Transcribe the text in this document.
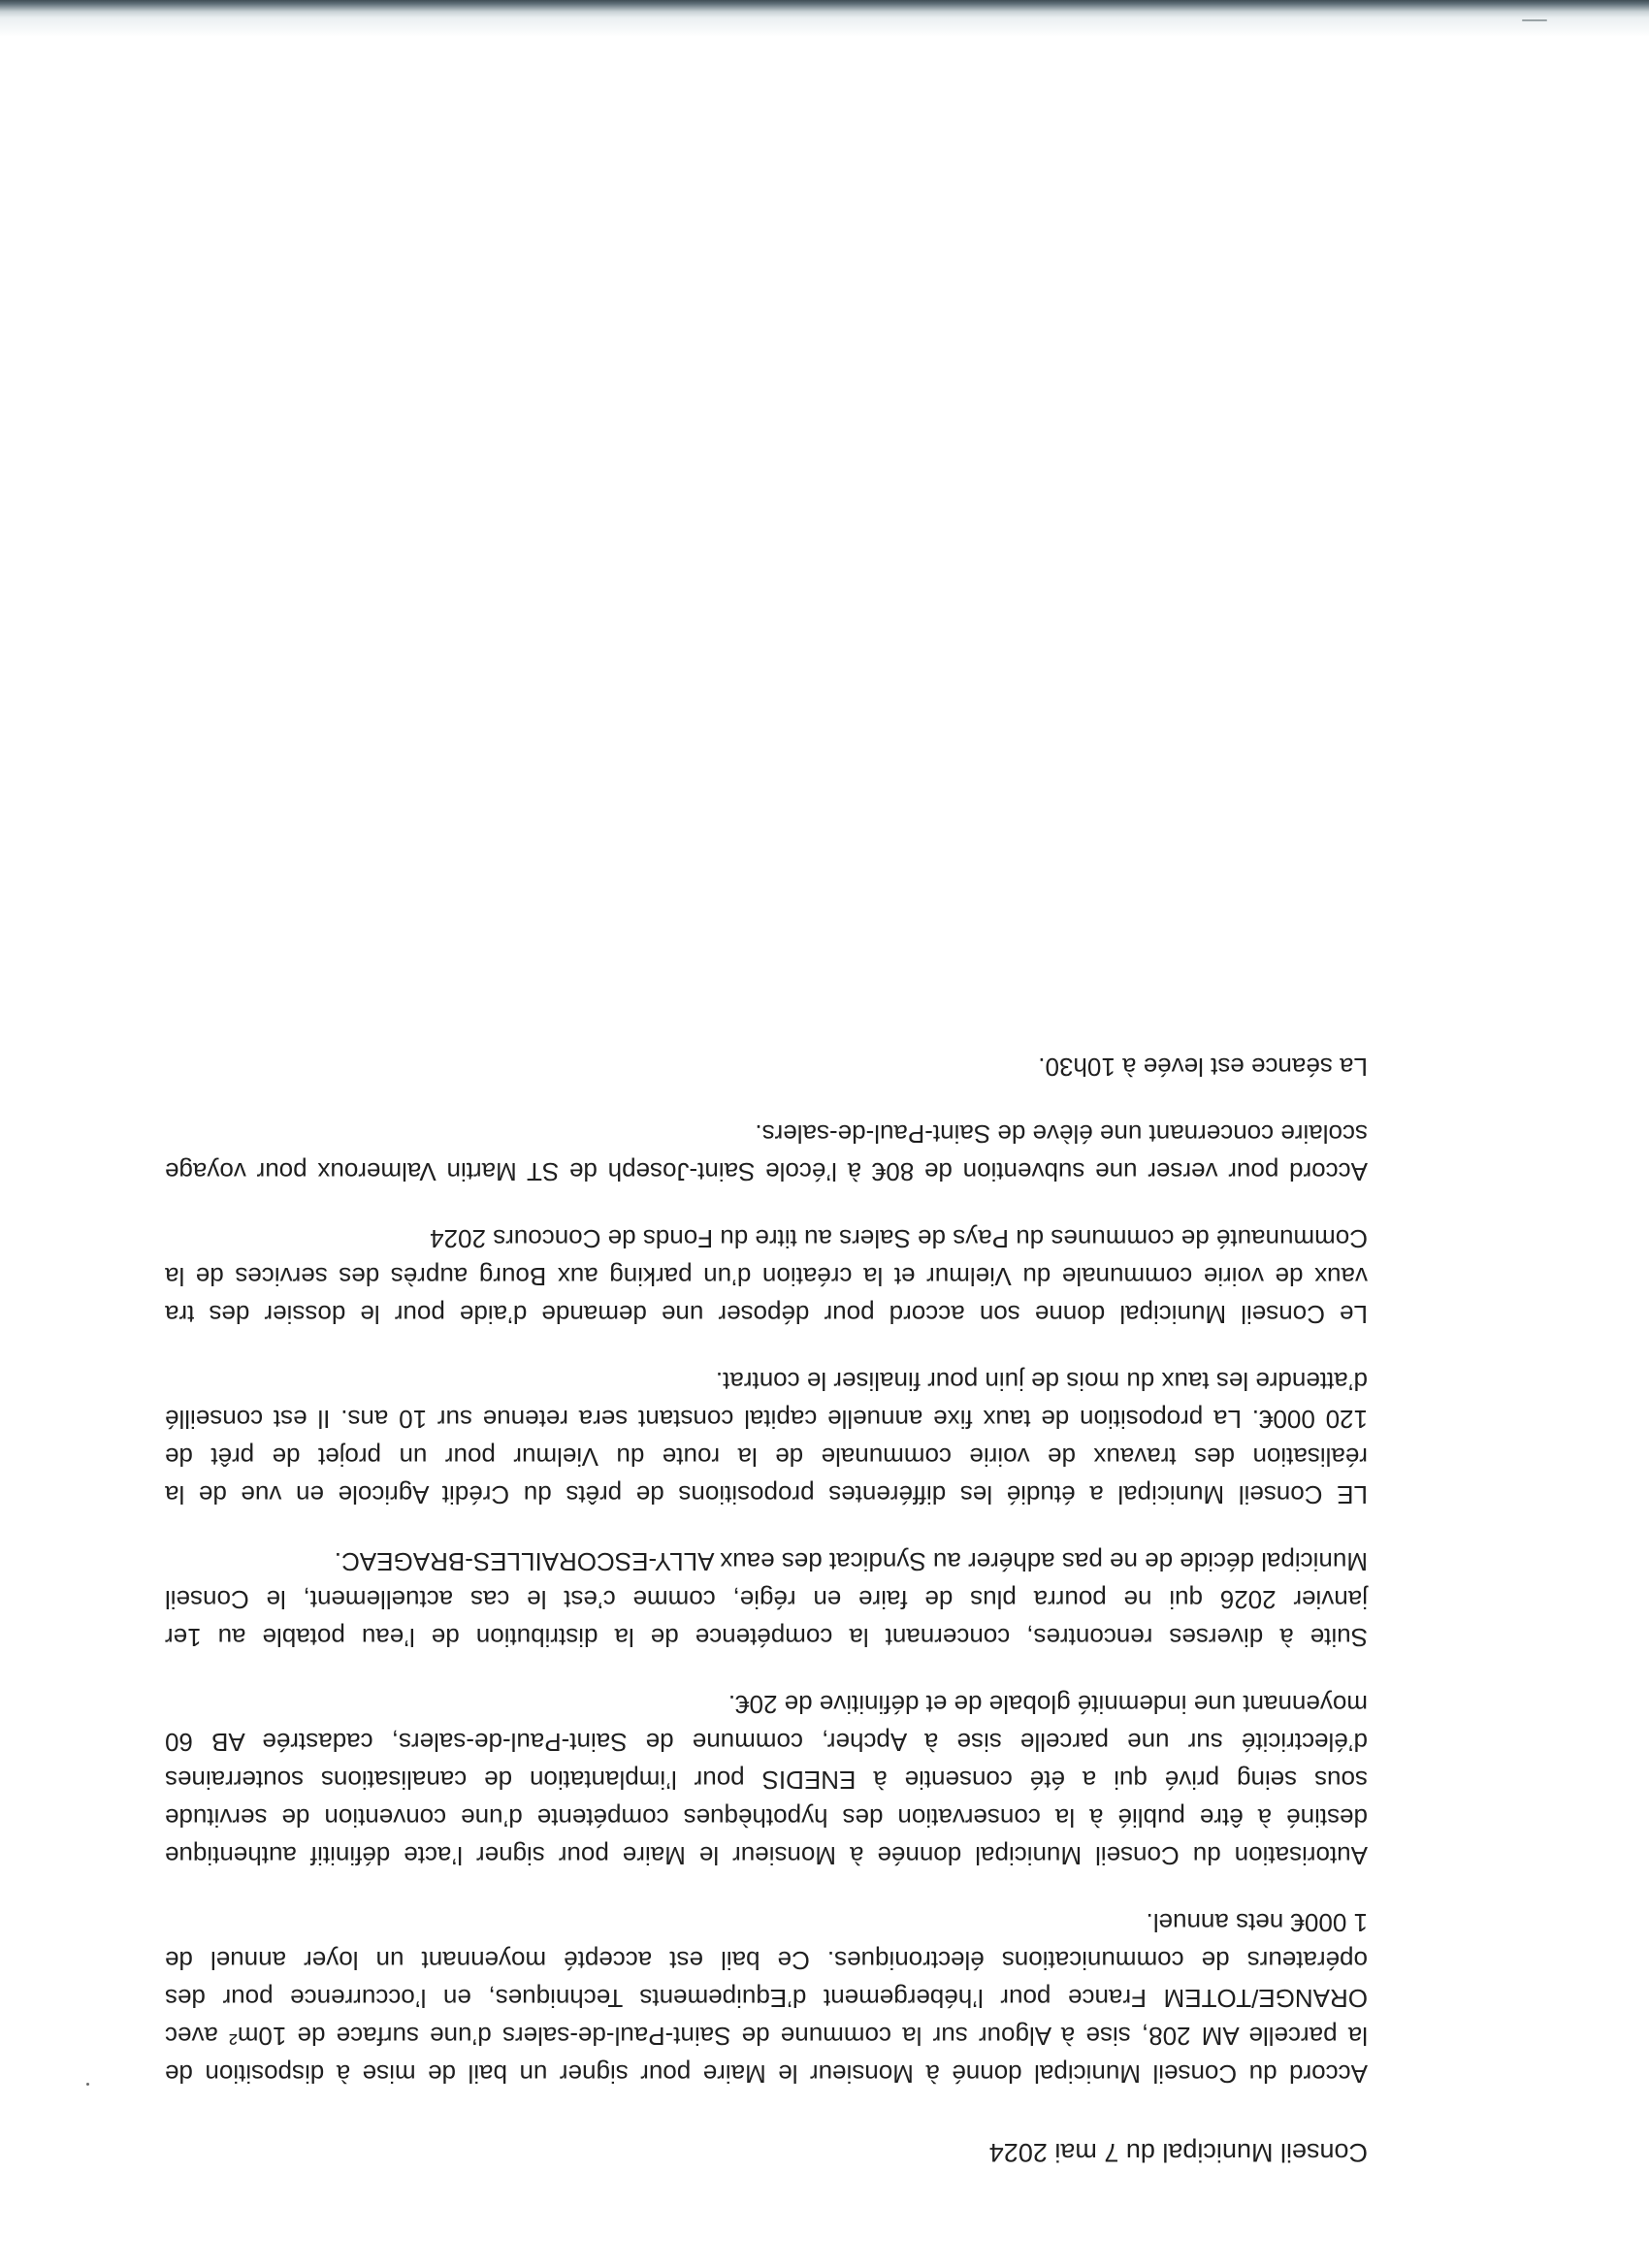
Conseil Municipal du 7 mai 2024
Accord du Conseil Municipal donné à Monsieur le Maire pour signer un bail de mise à disposition de
la parcelle AM 208, sise à Algour sur la commune de Saint-Paul-de-salers d’une surface de 10m² avec
ORANGE/TOTEM France pour l’hébergement d’Equipements Techniques, en l’occurrence pour des
opérateurs de communications électroniques. Ce bail est accepté moyennant un loyer annuel de
1 000€ nets annuel.
Autorisation du Conseil Municipal donnée à Monsieur le Maire pour signer l’acte définitif authentique
destiné à être publié à la conservation des hypothèques compétente d’une convention de servitude
sous seing privé qui a été consentie à ENEDIS pour l’implantation de canalisations souterraines
d’électricité sur une parcelle sise à Apcher, commune de Saint-Paul-de-salers, cadastrée AB 60
moyennant une indemnité globale de et définitive de 20€.
Suite à diverses rencontres, concernant la compétence de la distribution de l’eau potable au 1er
janvier 2026 qui ne pourra plus de faire en régie, comme c’est le cas actuellement, le Conseil
Municipal décide de ne pas adhérer au Syndicat des eaux ALLY-ESCORAILLES-BRAGEAC.
LE Conseil Municipal a étudié les différentes propositions de prêts du Crédit Agricole en vue de la
réalisation des travaux de voirie communale de la route du Vielmur pour un projet de prêt de
120 000€. La proposition de taux fixe annuelle capital constant sera retenue sur 10 ans. Il est conseillé
d’attendre les taux du mois de juin pour finaliser le contrat.
Le Conseil Municipal donne son accord pour déposer une demande d’aide pour le dossier des tra
vaux de voirie communale du Vielmur et la création d’un parking aux Bourg auprès des services de la
Communauté de communes du Pays de Salers au titre du Fonds de Concours 2024
Accord pour verser une subvention de 80€ à l’école Saint-Joseph de ST Martin Valmeroux pour voyage
scolaire concernant une élève de Saint-Paul-de-salers.
La séance est levée à 10h30.
